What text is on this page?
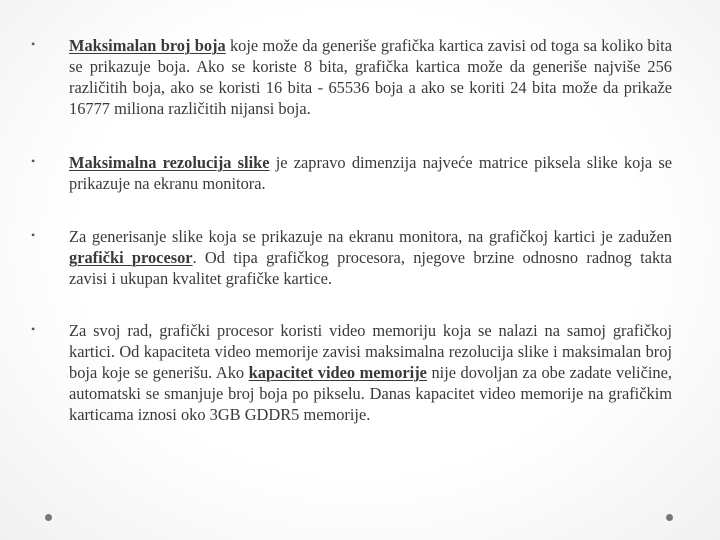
• Maksimalan broj boja koje može da generiše grafička kartica zavisi od toga sa koliko bita se prikazuje boja. Ako se koriste 8 bita, grafička kartica može da generiše najviše 256 različitih boja, ako se koristi 16 bita - 65536 boja a ako se koriti 24 bita može da prikaže 16777 miliona različitih nijansi boja.
• Maksimalna rezolucija slike je zapravo dimenzija najveće matrice piksela slike koja se prikazuje na ekranu monitora.
• Za generisanje slike koja se prikazuje na ekranu monitora, na grafičkoj kartici je zadužen grafički procesor. Od tipa grafičkog procesora, njegove brzine odnosno radnog takta zavisi i ukupan kvalitet grafičke kartice.
• Za svoj rad, grafički procesor koristi video memoriju koja se nalazi na samoj grafičkoj kartici. Od kapaciteta video memorije zavisi maksimalna rezolucija slike i maksimalan broj boja koje se generišu. Ako kapacitet video memorije nije dovoljan za obe zadate veličine, automatski se smanjuje broj boja po pikselu. Danas kapacitet video memorije na grafičkim karticama iznosi oko 3GB GDDR5 memorije.
